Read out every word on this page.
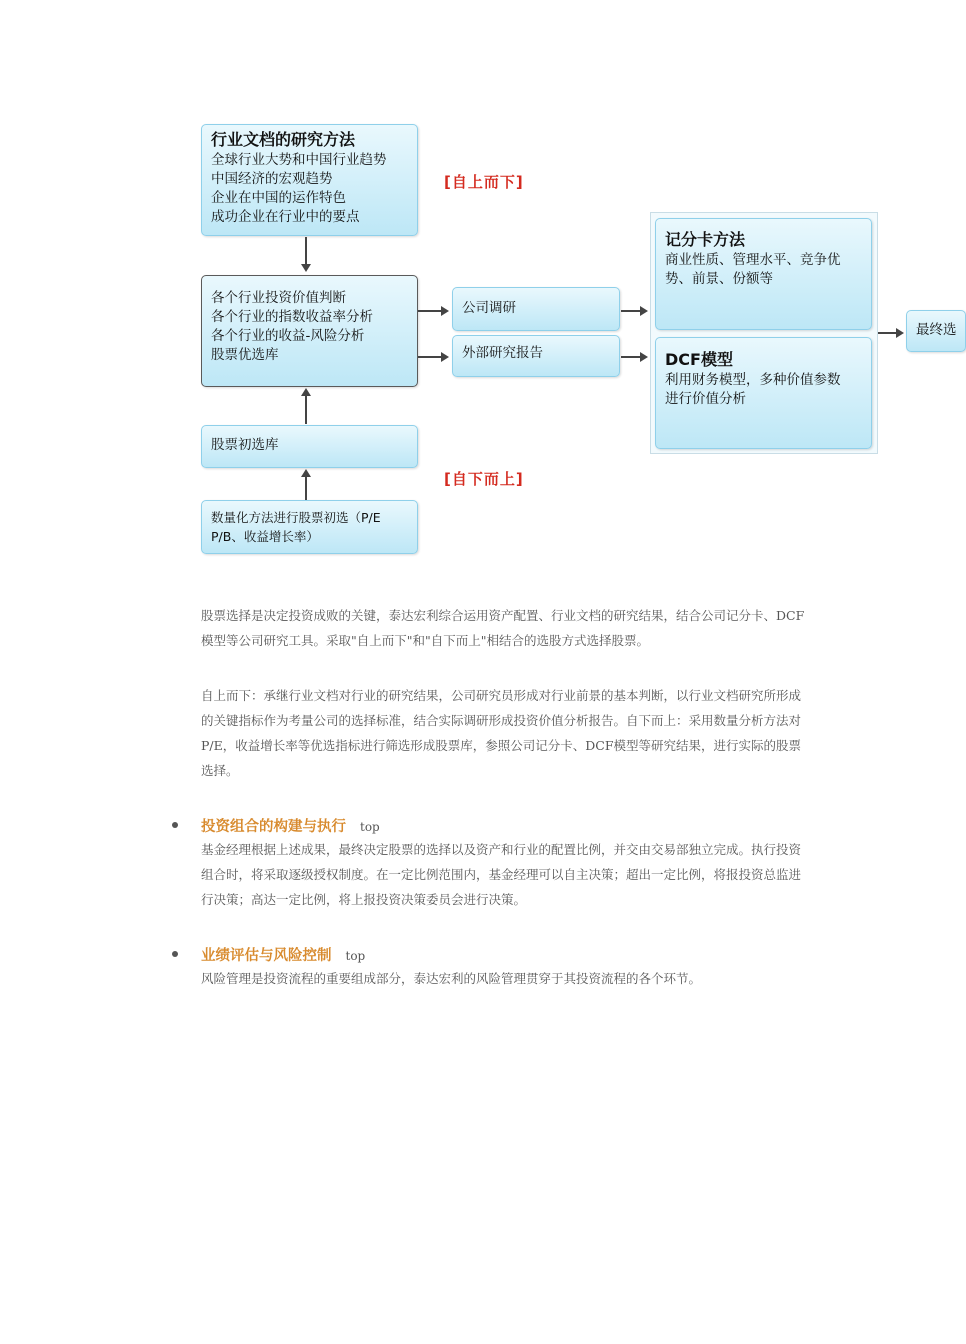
行业文档的研究方法
全球行业大势和中国行业趋势
中国经济的宏观趋势
企业在中国的运作特色
成功企业在行业中的要点
[自上而下]
各个行业投资价值判断
各个行业的指数收益率分析
各个行业的收益-风险分析
股票优选库
公司调研
外部研究报告
记分卡方法
商业性质、管理水平、竞争优
势、前景、份额等
DCF模型
利用财务模型，多种价值参数
进行价值分析
最终选
股票初选库
[自下而上]
数量化方法进行股票初选（P/E
P/B、收益增长率）
股票选择是决定投资成败的关键，泰达宏利综合运用资产配置、行业文档的研究结果，结合公司记分卡、DCF模型等公司研究工具。采取"自上而下"和"自下而上"相结合的选股方式选择股票。
自上而下：承继行业文档对行业的研究结果，公司研究员形成对行业前景的基本判断，以行业文档研究所形成的关键指标作为考量公司的选择标准，结合实际调研形成投资价值分析报告。自下而上：采用数量分析方法对P/E，收益增长率等优选指标进行筛选形成股票库，参照公司记分卡、DCF模型等研究结果，进行实际的股票选择。
投资组合的构建与执行 top
基金经理根据上述成果，最终决定股票的选择以及资产和行业的配置比例，并交由交易部独立完成。执行投资组合时，将采取逐级授权制度。在一定比例范围内，基金经理可以自主决策；超出一定比例，将报投资总监进行决策；高达一定比例，将上报投资决策委员会进行决策。
业绩评估与风险控制 top
风险管理是投资流程的重要组成部分，泰达宏利的风险管理贯穿于其投资流程的各个环节。
